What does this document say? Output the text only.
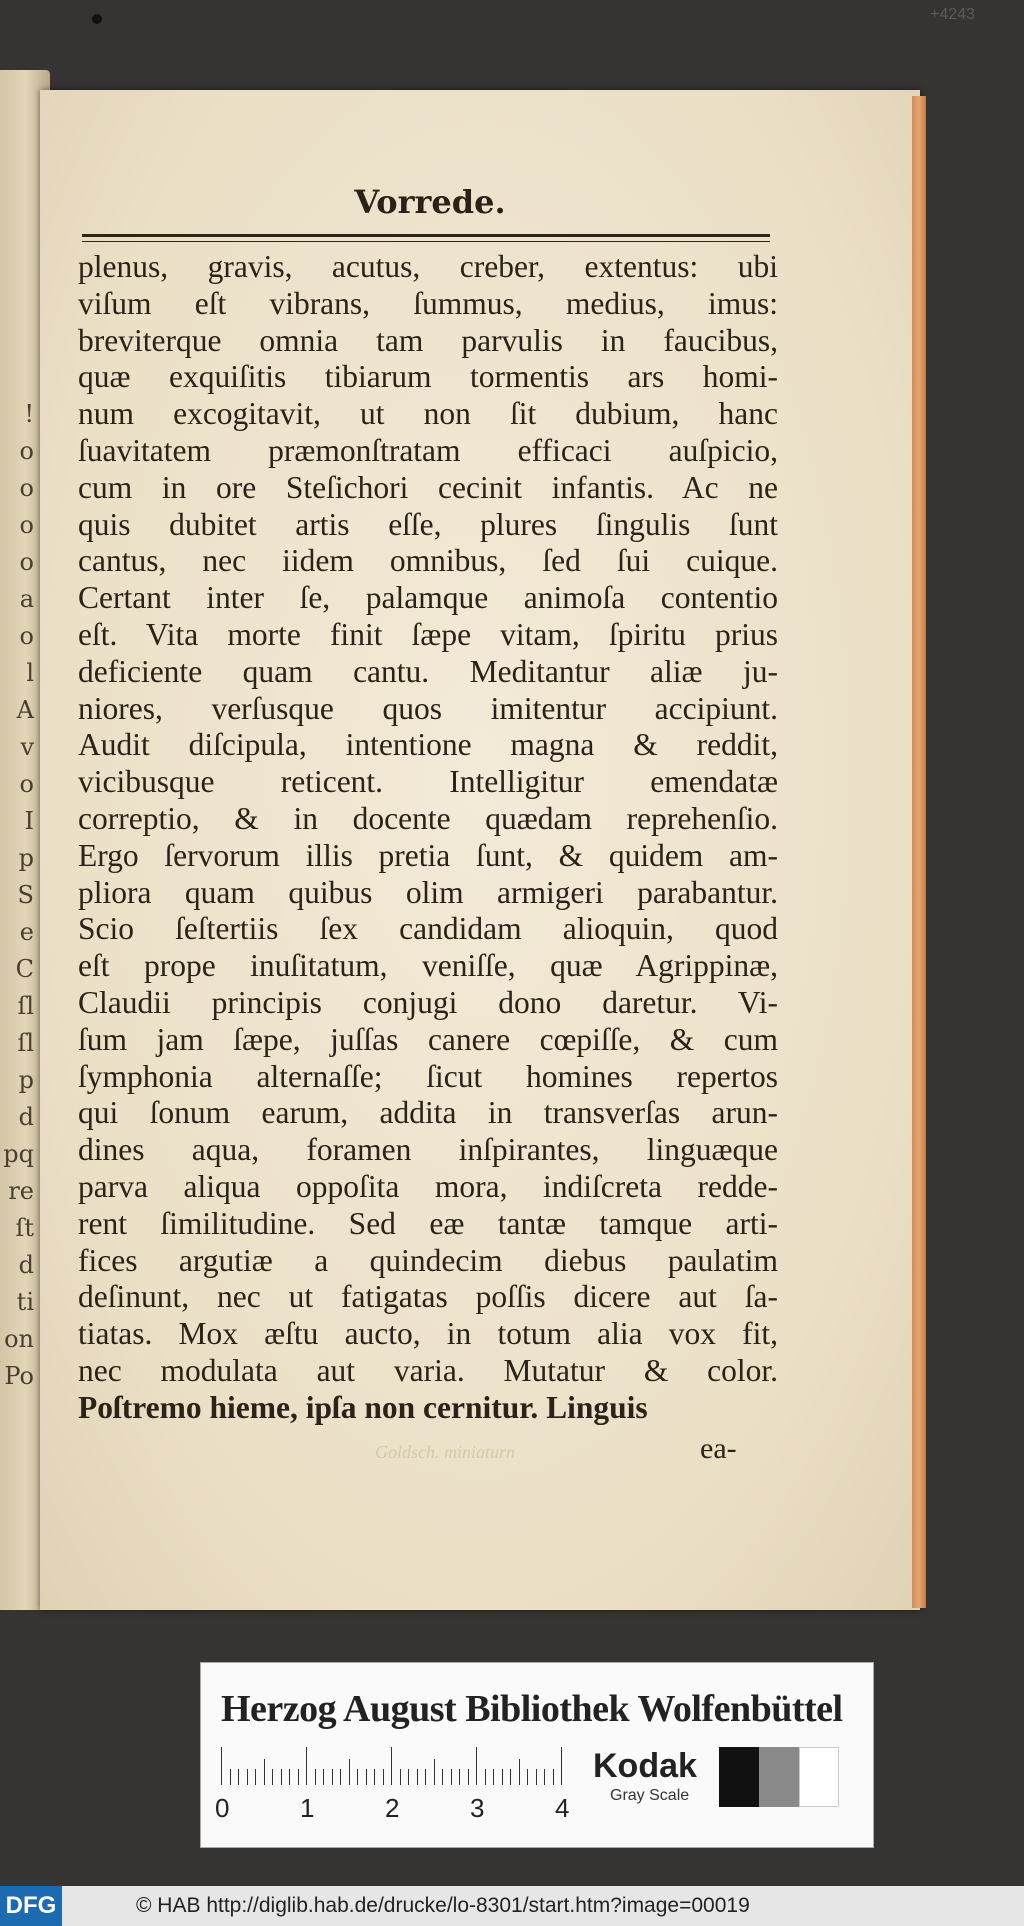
+4243
!
o
o
o
o
a
o
l
A
v
o
I
p
S
e
C
ſl
ſl
p
d
pq
re
ſt
d
ti
on
Po
Vorrede.
plenus, gravis, acutus, creber, extentus: ubi
viſum eſt vibrans, ſummus, medius, imus:
breviterque omnia tam parvulis in faucibus,
quæ exquiſitis tibiarum tormentis ars homi-
num excogitavit, ut non ſit dubium, hanc
ſuavitatem præmonſtratam efficaci auſpicio,
cum in ore Steſichori cecinit infantis. Ac ne
quis dubitet artis eſſe, plures ſingulis ſunt
cantus, nec iidem omnibus, ſed ſui cuique.
Certant inter ſe, palamque animoſa contentio
eſt. Vita morte finit ſæpe vitam, ſpiritu prius
deficiente quam cantu. Meditantur aliæ ju-
niores, verſusque quos imitentur accipiunt.
Audit diſcipula, intentione magna & reddit,
vicibusque reticent. Intelligitur emendatæ
correptio, & in docente quædam reprehenſio.
Ergo ſervorum illis pretia ſunt, & quidem am-
pliora quam quibus olim armigeri parabantur.
Scio ſeſtertiis ſex candidam alioquin, quod
eſt prope inuſitatum, veniſſe, quæ Agrippinæ,
Claudii principis conjugi dono daretur. Vi-
ſum jam ſæpe, juſſas canere cœpiſſe, & cum
ſymphonia alternaſſe; ſicut homines repertos
qui ſonum earum, addita in transverſas arun-
dines aqua, foramen inſpirantes, linguæque
parva aliqua oppoſita mora, indiſcreta redde-
rent ſimilitudine. Sed eæ tantæ tamque arti-
fices argutiæ a quindecim diebus paulatim
deſinunt, nec ut fatigatas poſſis dicere aut ſa-
tiatas. Mox æſtu aucto, in totum alia vox fit,
nec modulata aut varia. Mutatur & color.
Poſtremo hieme, ipſa non cernitur. Linguis
Goldsch. miniaturn	ea-
Herzog August Bibliothek Wolfenbüttel
0	1	2	3	4
Kodak
Gray Scale
DFG	© HAB http://diglib.hab.de/drucke/lo-8301/start.htm?image=00019
